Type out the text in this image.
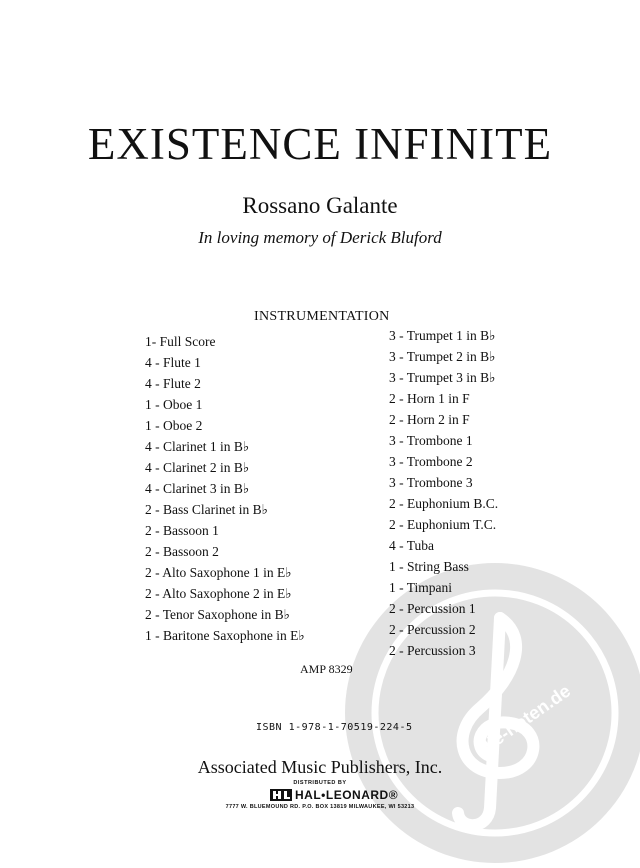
alle-noten.de
EXISTENCE INFINITE
Rossano Galante
In loving memory of Derick Bluford
INSTRUMENTATION
1- Full Score
4 - Flute 1
4 - Flute 2
1 - Oboe 1
1 - Oboe 2
4 - Clarinet 1 in B♭
4 - Clarinet 2 in B♭
4 - Clarinet 3 in B♭
2 - Bass Clarinet in B♭
2 - Bassoon 1
2 - Bassoon 2
2 - Alto Saxophone 1 in E♭
2 - Alto Saxophone 2 in E♭
2 - Tenor Saxophone in B♭
1 - Baritone Saxophone in E♭
3 - Trumpet 1 in B♭
3 - Trumpet 2 in B♭
3 - Trumpet 3 in B♭
2 - Horn 1 in F
2 - Horn 2 in F
3 - Trombone 1
3 - Trombone 2
3 - Trombone 3
2 - Euphonium B.C.
2 - Euphonium T.C.
4 - Tuba
1 - String Bass
1 - Timpani
2 - Percussion 1
2 - Percussion 2
2 - Percussion 3
AMP 8329
ISBN 1-978-1-70519-224-5
Associated Music Publishers, Inc.
DISTRIBUTED BY
HAL•LEONARD®
7777 W. BLUEMOUND RD. P.O. BOX 13819 MILWAUKEE, WI 53213
